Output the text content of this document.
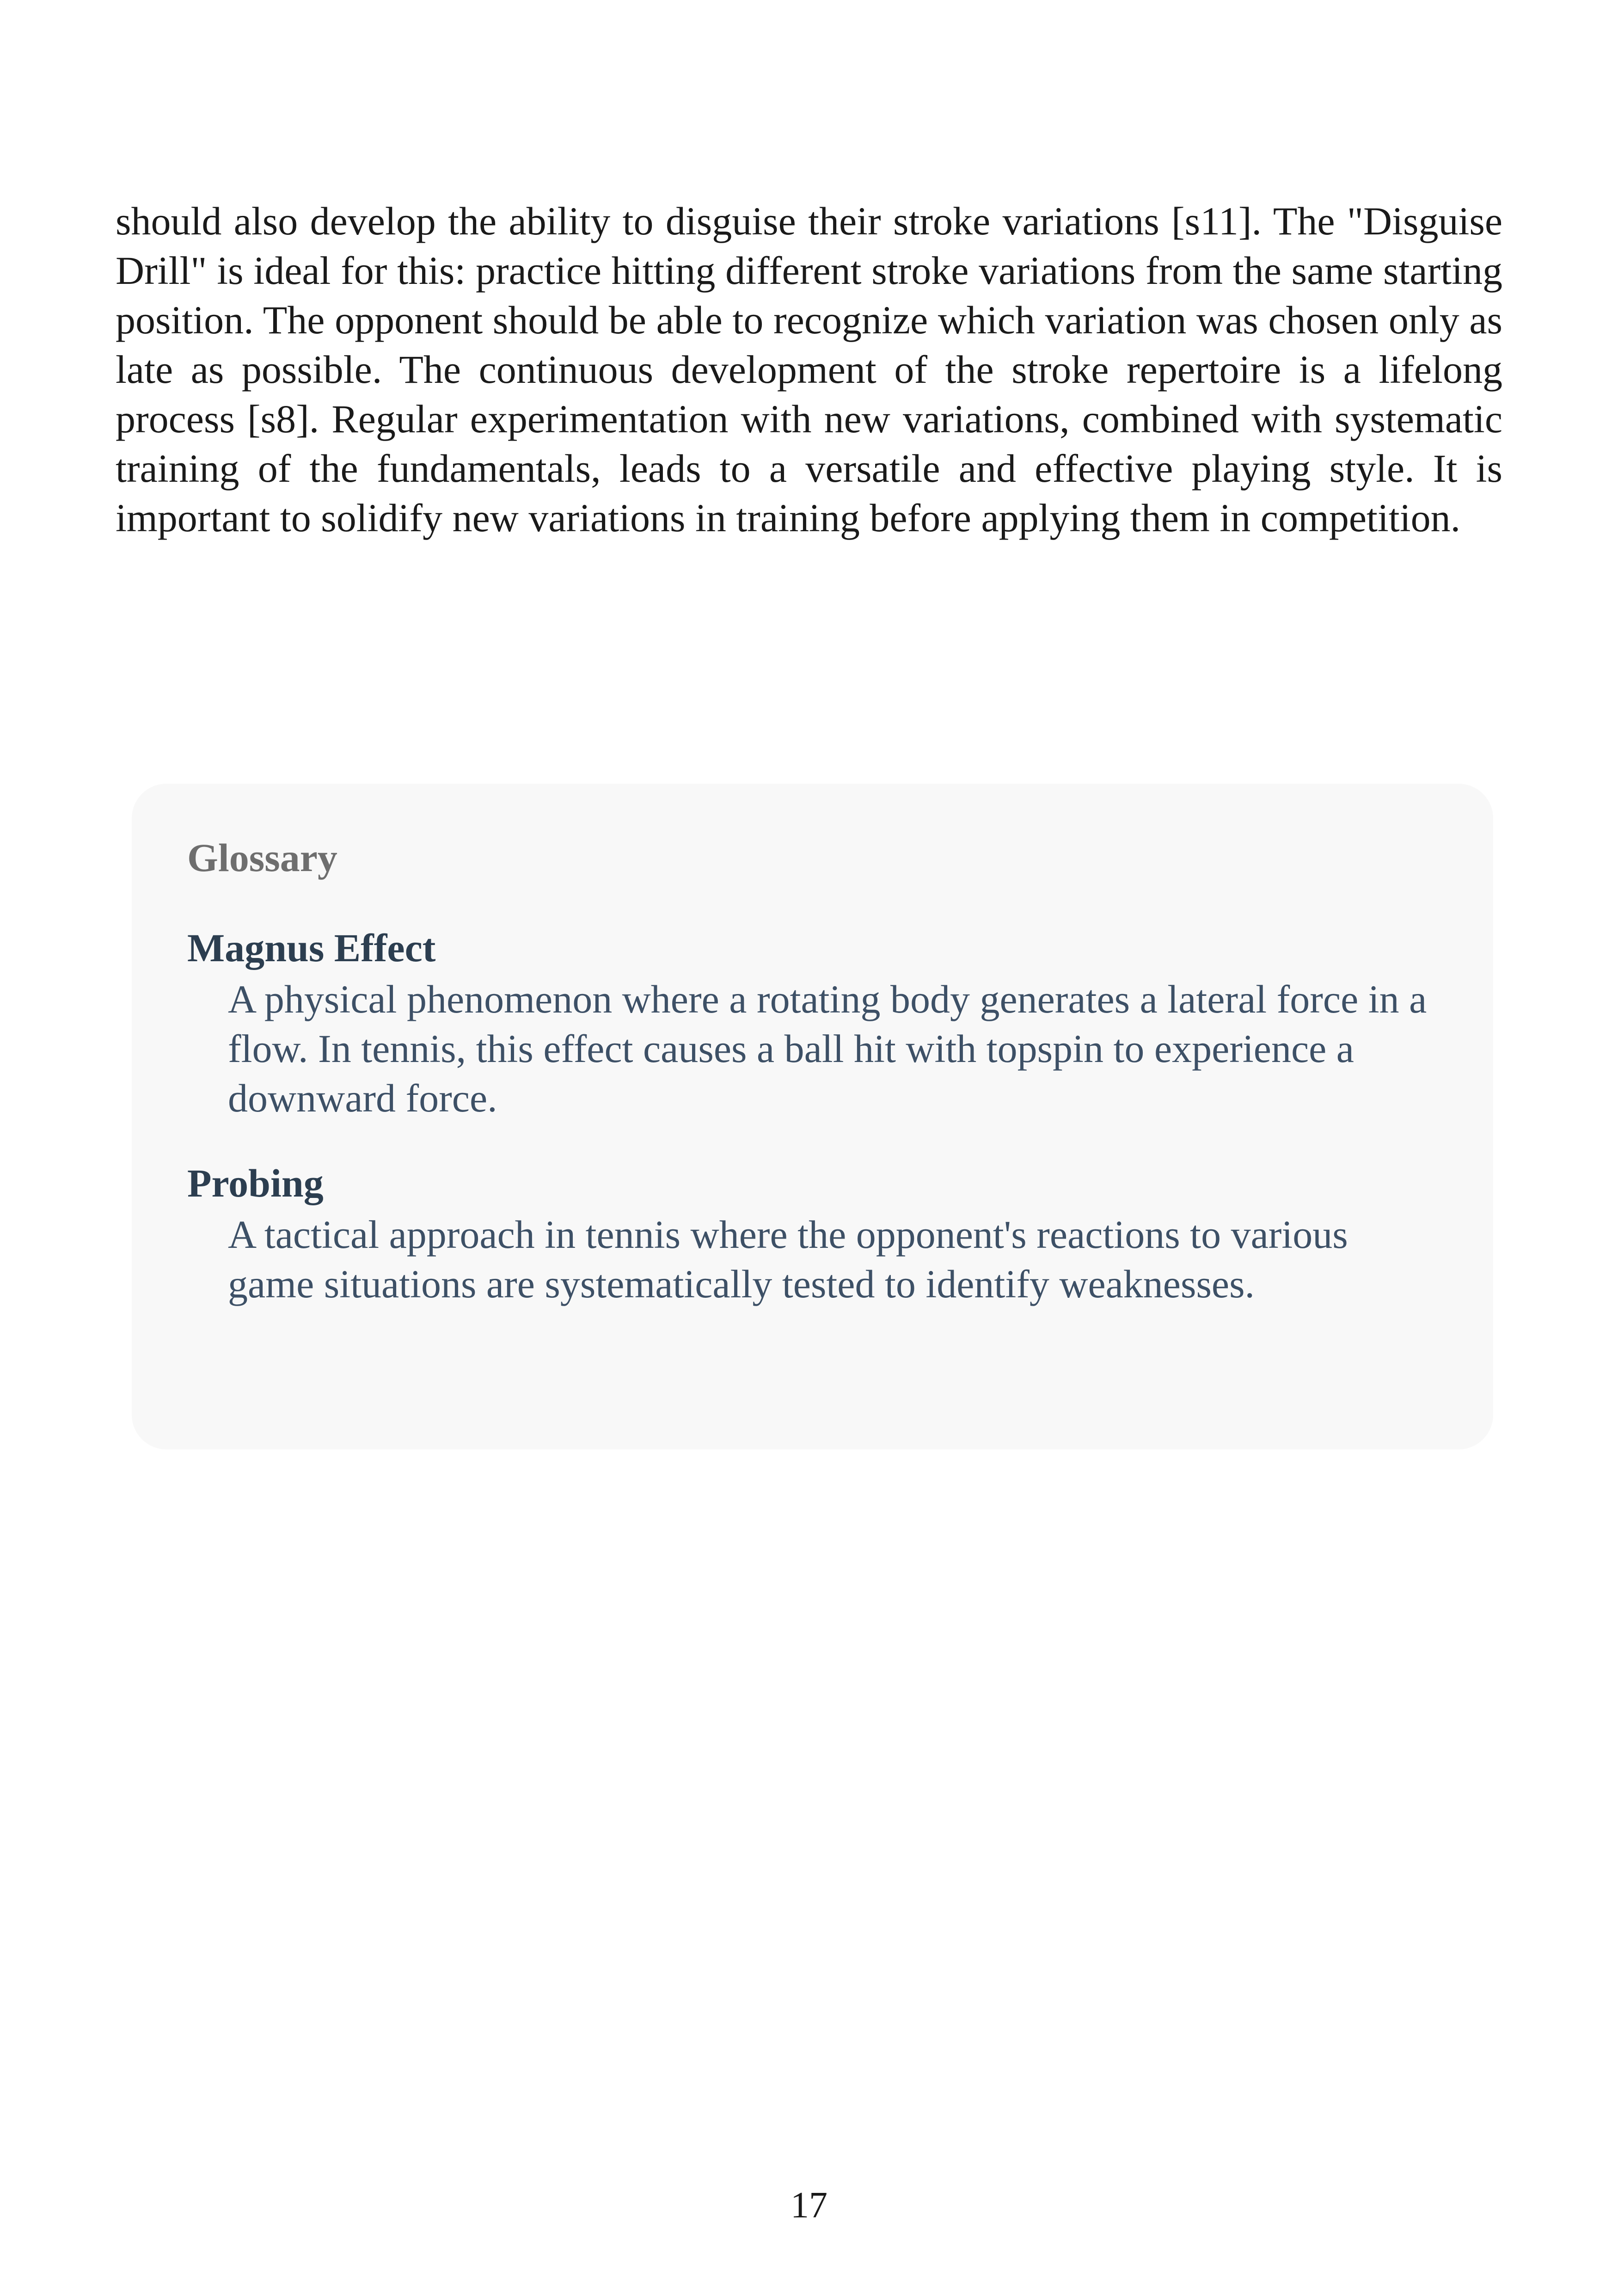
should also develop the ability to disguise their stroke variations [s11]. The "Disguise Drill" is ideal for this: practice hitting different stroke variations from the same starting position. The opponent should be able to recognize which variation was chosen only as late as possible. The continuous development of the stroke repertoire is a lifelong process [s8]. Regular experimentation with new variations, combined with systematic training of the fundamentals, leads to a versatile and effective playing style. It is important to solidify new variations in training before applying them in competition.

Glossary
Magnus Effect

A physical phenomenon where a rotating body generates a lateral force in a flow. In tennis, this effect causes a ball hit with topspin to experience a downward force.

Probing

A tactical approach in tennis where the opponent's reactions to various game situations are systematically tested to identify weaknesses.

17
